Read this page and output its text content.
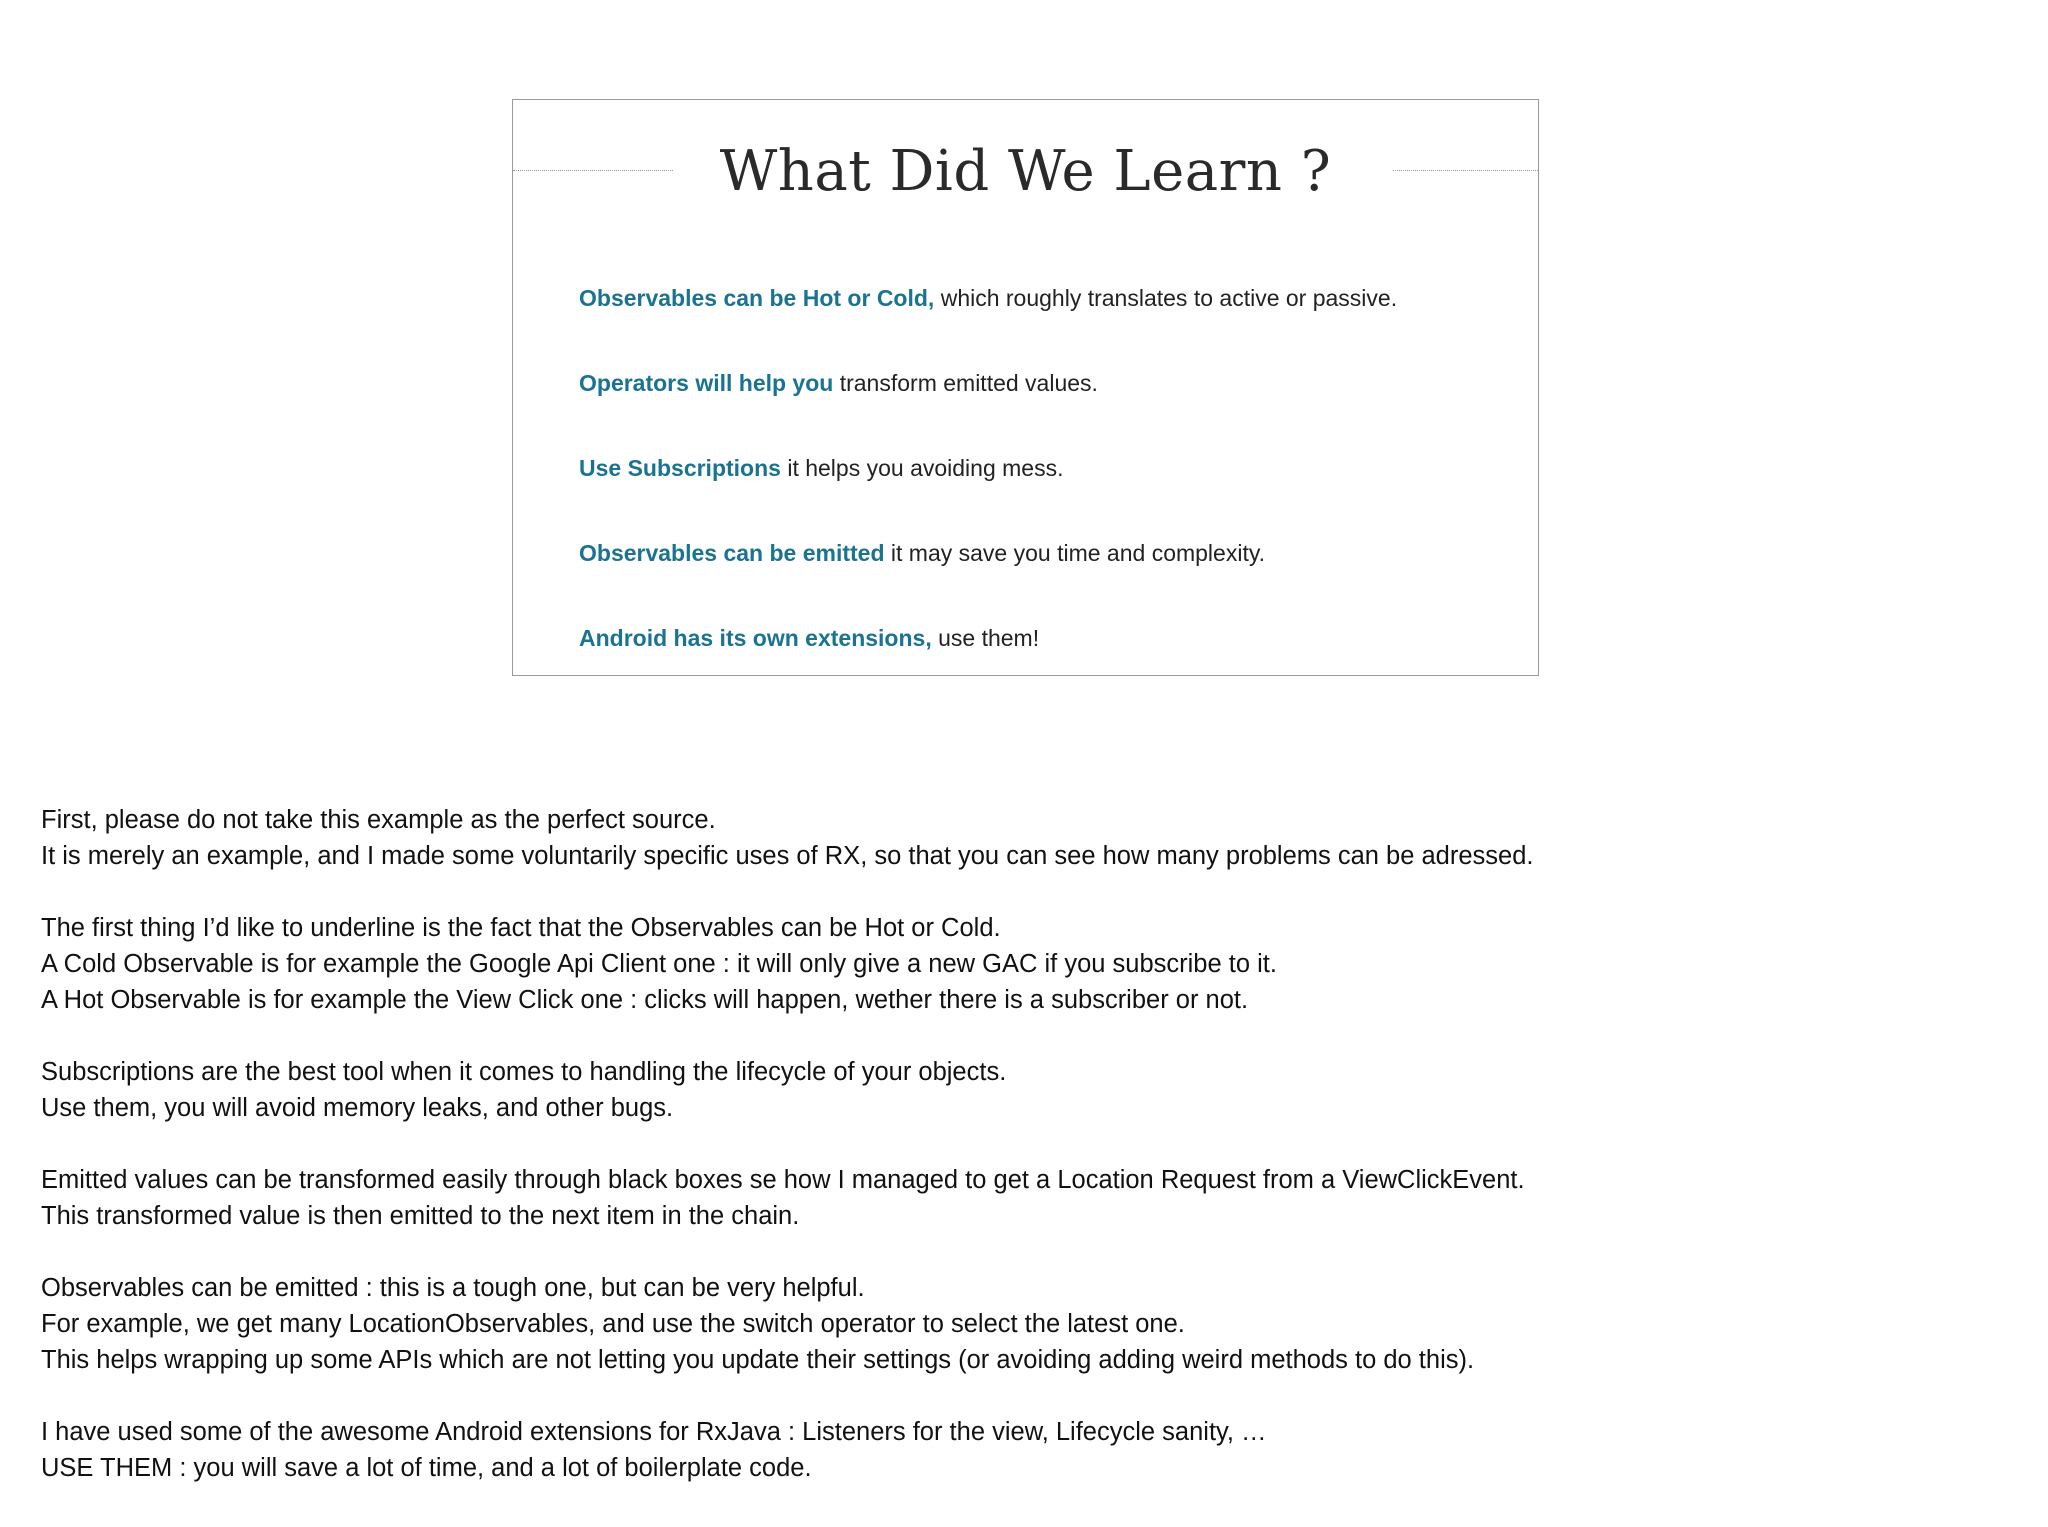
What Did We Learn ?
Observables can be Hot or Cold, which roughly translates to active or passive.
Operators will help you transform emitted values.
Use Subscriptions it helps you avoiding mess.
Observables can be emitted it may save you time and complexity.
Android has its own extensions, use them!

First, please do not take this example as the perfect source.
It is merely an example, and I made some voluntarily specific uses of RX, so that you can see how many problems can be adressed.

The first thing I’d like to underline is the fact that the Observables can be Hot or Cold.
A Cold Observable is for example the Google Api Client one : it will only give a new GAC if you subscribe to it.
A Hot Observable is for example the View Click one : clicks will happen, wether there is a subscriber or not.

Subscriptions are the best tool when it comes to handling the lifecycle of your objects.
Use them, you will avoid memory leaks, and other bugs.

Emitted values can be transformed easily through black boxes se how I managed to get a Location Request from a ViewClickEvent.
This transformed value is then emitted to the next item in the chain.

Observables can be emitted : this is a tough one, but can be very helpful.
For example, we get many LocationObservables, and use the switch operator to select the latest one.
This helps wrapping up some APIs which are not letting you update their settings (or avoiding adding weird methods to do this).

I have used some of the awesome Android extensions for RxJava : Listeners for the view, Lifecycle sanity, …
USE THEM : you will save a lot of time, and a lot of boilerplate code.
